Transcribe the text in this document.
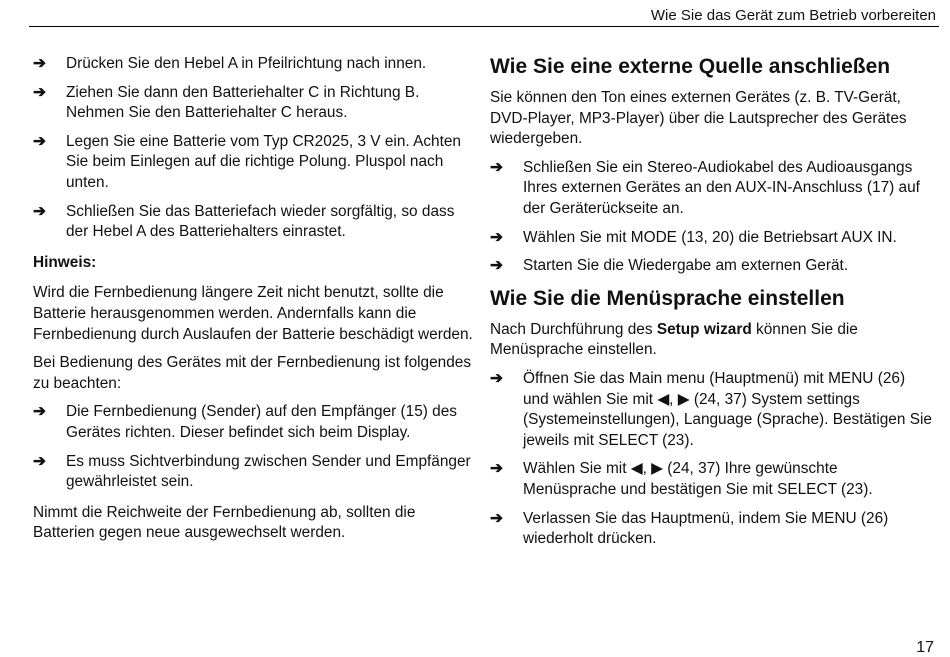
Wie Sie das Gerät zum Betrieb vorbereiten
➔	Drücken Sie den Hebel A in Pfeilrichtung nach innen.
➔	Ziehen Sie dann den Batteriehalter C in Richtung B. Nehmen Sie den Batteriehalter C heraus.
➔	Legen Sie eine Batterie vom Typ CR2025, 3 V ein. Achten Sie beim Einlegen auf die richtige Polung. Pluspol nach unten.
➔	Schließen Sie das Batteriefach wieder sorgfältig, so dass der Hebel A des Batteriehalters einrastet.
Hinweis:
Wird die Fernbedienung längere Zeit nicht benutzt, sollte die Batterie herausgenommen werden. Andernfalls kann die Fernbedienung durch Auslaufen der Batterie beschädigt werden.
Bei Bedienung des Gerätes mit der Fernbedienung ist folgendes zu beachten:
➔	Die Fernbedienung (Sender) auf den Empfänger (15) des Gerätes richten. Dieser befindet sich beim Display.
➔	Es muss Sichtverbindung zwischen Sender und Empfänger gewährleistet sein.
Nimmt die Reichweite der Fernbedienung ab, sollten die Batterien gegen neue ausgewechselt werden.
Wie Sie eine externe Quelle anschließen
Sie können den Ton eines externen Gerätes (z. B. TV-Gerät, DVD-Player, MP3-Player) über die Lautsprecher des Gerätes wiedergeben.
➔	Schließen Sie ein Stereo-Audiokabel des Audioausgangs Ihres externen Gerätes an den AUX-IN-Anschluss (17) auf der Geräterückseite an.
➔	Wählen Sie mit MODE (13, 20) die Betriebsart AUX IN.
➔	Starten Sie die Wiedergabe am externen Gerät.
Wie Sie die Menüsprache einstellen
Nach Durchführung des Setup wizard können Sie die Menüsprache einstellen.
➔	Öffnen Sie das Main menu (Hauptmenü) mit MENU (26) und wählen Sie mit ◀, ▶ (24, 37) System settings (Systemeinstellungen), Language (Sprache). Bestätigen Sie jeweils mit SELECT (23).
➔	Wählen Sie mit ◀, ▶ (24, 37) Ihre gewünschte Menüsprache und bestätigen Sie mit SELECT (23).
➔	Verlassen Sie das Hauptmenü, indem Sie MENU (26) wiederholt drücken.
17
